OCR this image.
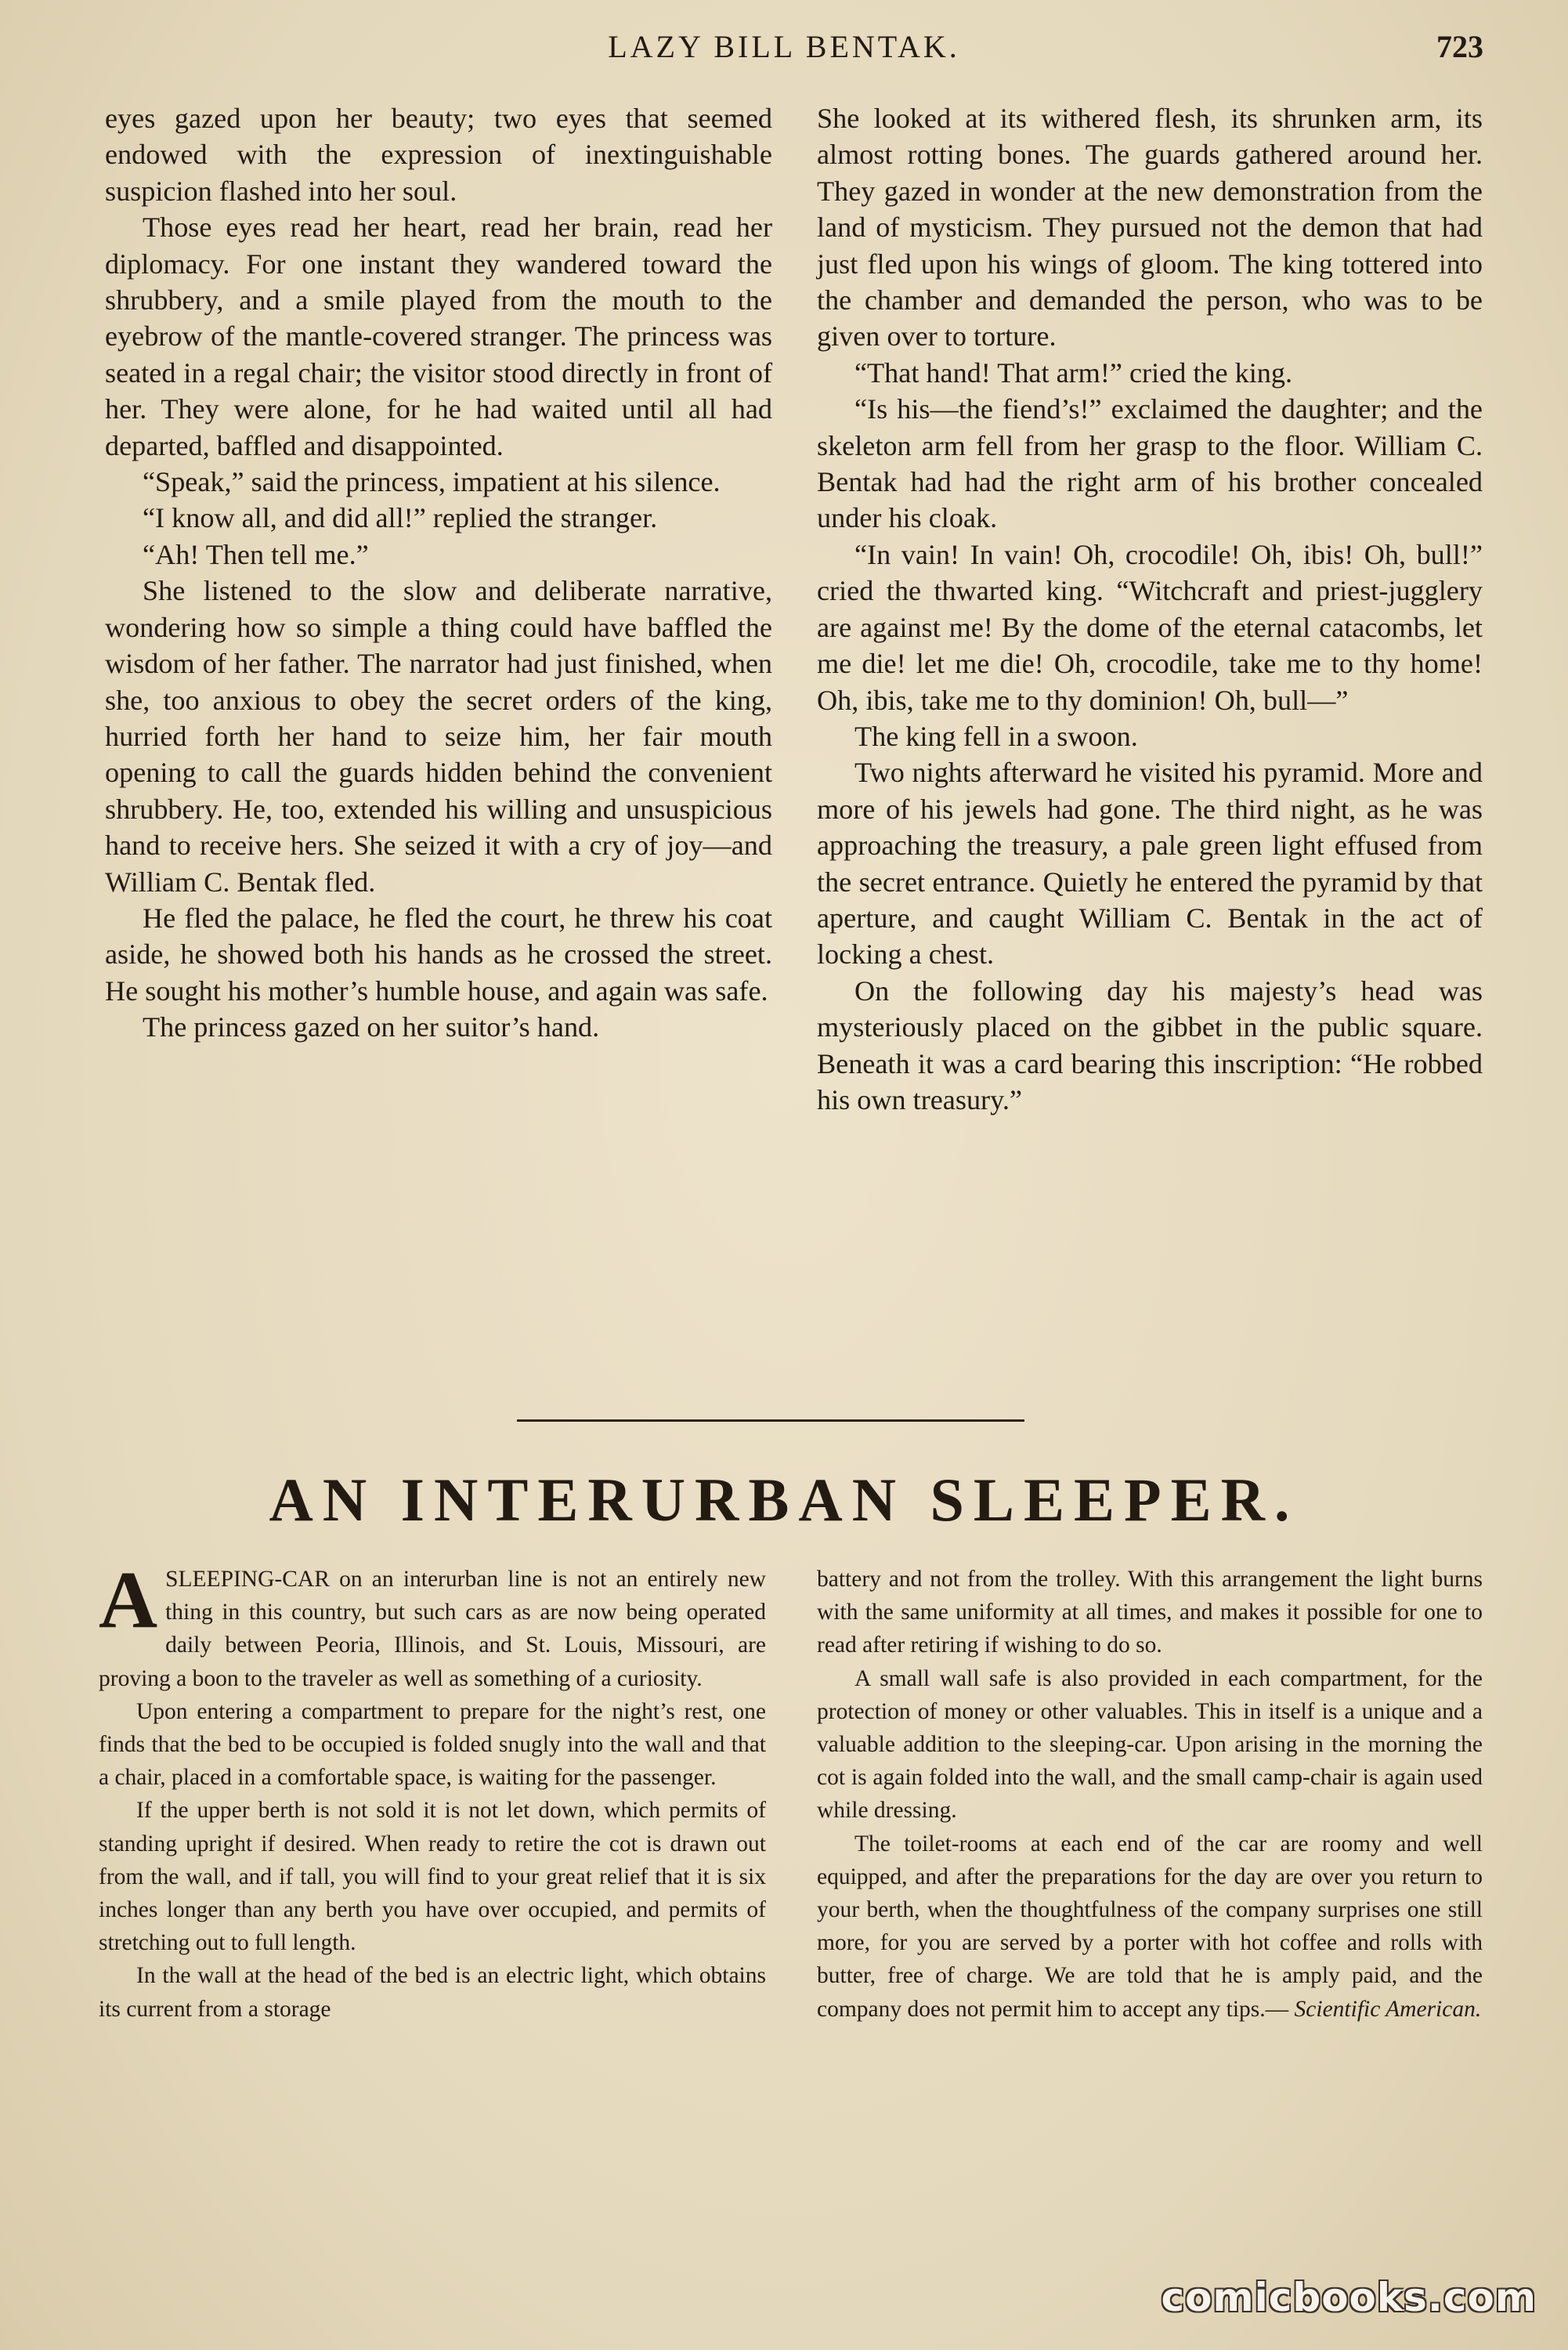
LAZY BILL BENTAK.	723

eyes gazed upon her beauty; two eyes that seemed endowed with the expression of inextinguishable suspicion flashed into her soul.

Those eyes read her heart, read her brain, read her diplomacy. For one instant they wandered toward the shrubbery, and a smile played from the mouth to the eyebrow of the mantle-covered stranger. The princess was seated in a regal chair; the visitor stood directly in front of her. They were alone, for he had waited until all had departed, baffled and disappointed.

“Speak,” said the princess, impatient at his silence.

“I know all, and did all!” replied the stranger.

“Ah! Then tell me.”

She listened to the slow and deliberate narrative, wondering how so simple a thing could have baffled the wisdom of her father. The narrator had just finished, when she, too anxious to obey the secret orders of the king, hurried forth her hand to seize him, her fair mouth opening to call the guards hidden behind the convenient shrubbery. He, too, extended his willing and unsuspicious hand to receive hers. She seized it with a cry of joy—and William C. Bentak fled.

He fled the palace, he fled the court, he threw his coat aside, he showed both his hands as he crossed the street. He sought his mother’s humble house, and again was safe.

The princess gazed on her suitor’s hand.

She looked at its withered flesh, its shrunken arm, its almost rotting bones. The guards gathered around her. They gazed in wonder at the new demonstration from the land of mysticism. They pursued not the demon that had just fled upon his wings of gloom. The king tottered into the chamber and demanded the person, who was to be given over to torture.

“That hand! That arm!” cried the king.

“Is his—the fiend’s!” exclaimed the daughter; and the skeleton arm fell from her grasp to the floor. William C. Bentak had had the right arm of his brother concealed under his cloak.

“In vain! In vain! Oh, crocodile! Oh, ibis! Oh, bull!” cried the thwarted king. “Witchcraft and priest-jugglery are against me! By the dome of the eternal catacombs, let me die! let me die! Oh, crocodile, take me to thy home! Oh, ibis, take me to thy dominion! Oh, bull—”

The king fell in a swoon.

Two nights afterward he visited his pyramid. More and more of his jewels had gone. The third night, as he was approaching the treasury, a pale green light effused from the secret entrance. Quietly he entered the pyramid by that aperture, and caught William C. Bentak in the act of locking a chest.

On the following day his majesty’s head was mysteriously placed on the gibbet in the public square. Beneath it was a card bearing this inscription: “He robbed his own treasury.”

AN INTERURBAN SLEEPER.

ASLEEPING-CAR on an interurban line is not an entirely new thing in this country, but such cars as are now being operated daily between Peoria, Illinois, and St. Louis, Missouri, are proving a boon to the traveler as well as something of a curiosity.

Upon entering a compartment to prepare for the night’s rest, one finds that the bed to be occupied is folded snugly into the wall and that a chair, placed in a comfortable space, is waiting for the passenger.

If the upper berth is not sold it is not let down, which permits of standing upright if desired. When ready to retire the cot is drawn out from the wall, and if tall, you will find to your great relief that it is six inches longer than any berth you have over occupied, and permits of stretching out to full length.

In the wall at the head of the bed is an electric light, which obtains its current from a storage

battery and not from the trolley. With this arrangement the light burns with the same uniformity at all times, and makes it possible for one to read after retiring if wishing to do so.

A small wall safe is also provided in each compartment, for the protection of money or other valuables. This in itself is a unique and a valuable addition to the sleeping-car. Upon arising in the morning the cot is again folded into the wall, and the small camp-chair is again used while dressing.

The toilet-rooms at each end of the car are roomy and well equipped, and after the preparations for the day are over you return to your berth, when the thoughtfulness of the company surprises one still more, for you are served by a porter with hot coffee and rolls with butter, free of charge. We are told that he is amply paid, and the company does not permit him to accept any tips.— Scientific American.

comicbooks.com
